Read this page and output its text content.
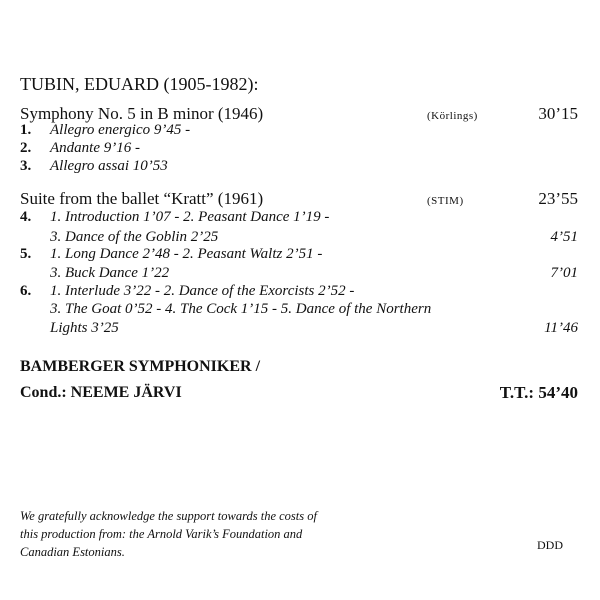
TUBIN, EDUARD (1905-1982):
Symphony No. 5 in B minor (1946)	(Körlings)	30’15
1. Allegro energico 9’45 -
2. Andante 9’16 -
3. Allegro assai 10’53
Suite from the ballet “Kratt” (1961)	(STIM)	23’55
4. 1. Introduction 1’07 - 2. Peasant Dance 1’19 -
3. Dance of the Goblin 2’25	4’51
5. 1. Long Dance 2’48 - 2. Peasant Waltz 2’51 -
3. Buck Dance 1’22	7’01
6. 1. Interlude 3’22 - 2. Dance of the Exorcists 2’52 -
3. The Goat 0’52 - 4. The Cock 1’15 - 5. Dance of the Northern
Lights 3’25	11’46
BAMBERGER SYMPHONIKER /
Cond.: NEEME JÄRVI	T.T.: 54’40
We gratefully acknowledge the support towards the costs of
this production from: the Arnold Varik’s Foundation and
Canadian Estonians.	DDD
